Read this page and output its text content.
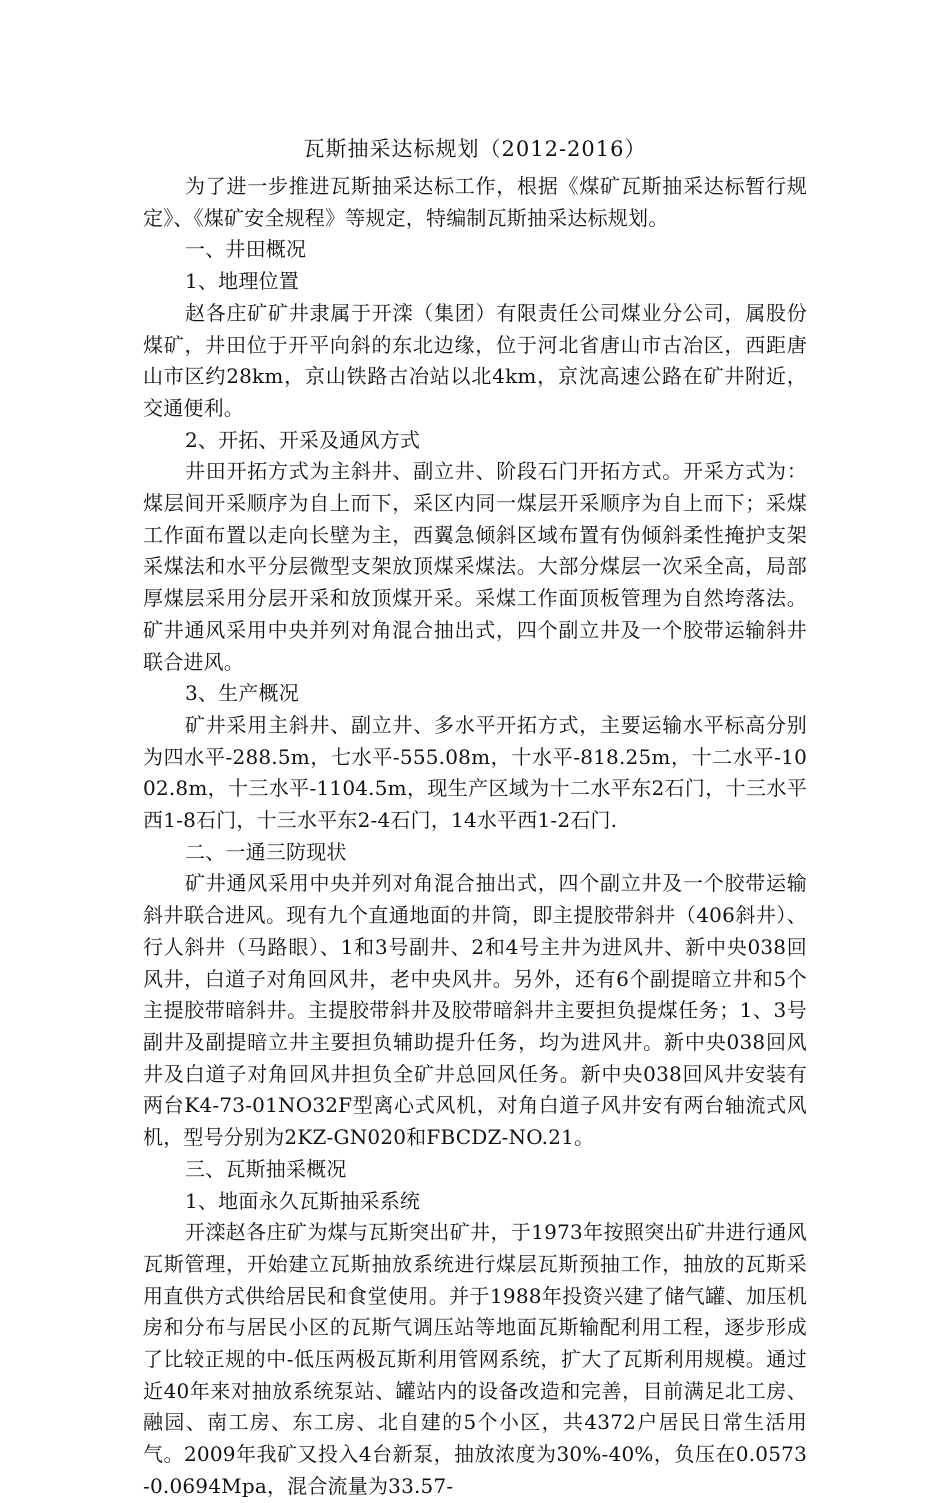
瓦斯抽采达标规划（2012-2016）

为了进一步推进瓦斯抽采达标工作，根据《煤矿瓦斯抽采达标暂行规定》、《煤矿安全规程》等规定，特编制瓦斯抽采达标规划。

一、井田概况

1、地理位置

赵各庄矿矿井隶属于开滦（集团）有限责任公司煤业分公司，属股份煤矿，井田位于开平向斜的东北边缘，位于河北省唐山市古冶区，西距唐山市区约28km，京山铁路古冶站以北4km，京沈高速公路在矿井附近，交通便利。

2、开拓、开采及通风方式

井田开拓方式为主斜井、副立井、阶段石门开拓方式。开采方式为：煤层间开采顺序为自上而下，采区内同一煤层开采顺序为自上而下；采煤工作面布置以走向长壁为主，西翼急倾斜区域布置有伪倾斜柔性掩护支架采煤法和水平分层微型支架放顶煤采煤法。大部分煤层一次采全高，局部厚煤层采用分层开采和放顶煤开采。采煤工作面顶板管理为自然垮落法。矿井通风采用中央并列对角混合抽出式，四个副立井及一个胶带运输斜井联合进风。

3、生产概况

矿井采用主斜井、副立井、多水平开拓方式，主要运输水平标高分别为四水平-288.5m，七水平-555.08m，十水平-818.25m，十二水平-1002.8m，十三水平-1104.5m，现生产区域为十二水平东2石门，十三水平西1-8石门，十三水平东2-4石门，14水平西1-2石门.

二、一通三防现状

矿井通风采用中央并列对角混合抽出式，四个副立井及一个胶带运输斜井联合进风。现有九个直通地面的井筒，即主提胶带斜井（406斜井）、行人斜井（马路眼）、1和3号副井、2和4号主井为进风井、新中央038回风井，白道子对角回风井，老中央风井。另外，还有6个副提暗立井和5个主提胶带暗斜井。主提胶带斜井及胶带暗斜井主要担负提煤任务；1、3号副井及副提暗立井主要担负辅助提升任务，均为进风井。新中央038回风井及白道子对角回风井担负全矿井总回风任务。新中央038回风井安装有两台K4-73-01NO32F型离心式风机，对角白道子风井安有两台轴流式风机，型号分别为2KZ-GN020和FBCDZ-NO.21。

三、瓦斯抽采概况

1、地面永久瓦斯抽采系统

开滦赵各庄矿为煤与瓦斯突出矿井，于1973年按照突出矿井进行通风瓦斯管理，开始建立瓦斯抽放系统进行煤层瓦斯预抽工作，抽放的瓦斯采用直供方式供给居民和食堂使用。并于1988年投资兴建了储气罐、加压机房和分布与居民小区的瓦斯气调压站等地面瓦斯输配利用工程，逐步形成了比较正规的中-低压两极瓦斯利用管网系统，扩大了瓦斯利用规模。通过近40年来对抽放系统泵站、罐站内的设备改造和完善，目前满足北工房、融园、南工房、东工房、北自建的5个小区，共4372户居民日常生活用气。2009年我矿又投入4台新泵，抽放浓度为30%-40%，负压在0.0573-0.0694Mpa，混合流量为33.57-
